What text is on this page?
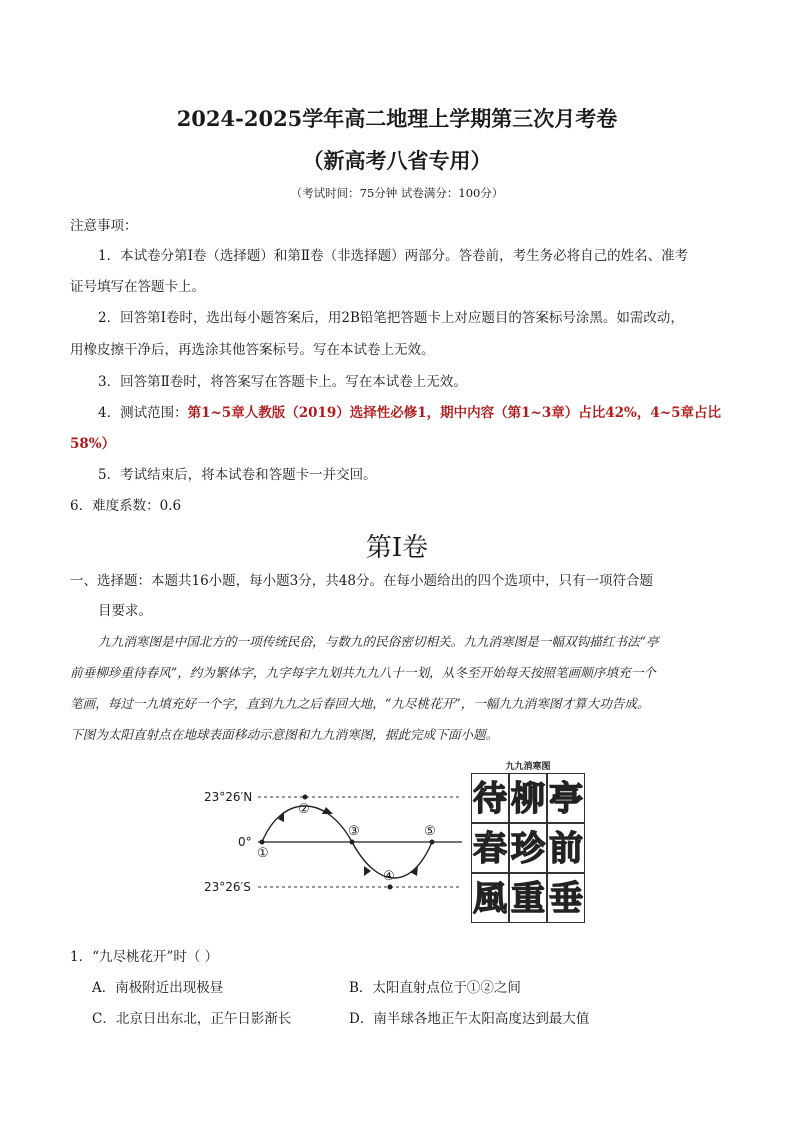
2024-2025学年高二地理上学期第三次月考卷
（新高考八省专用）
（考试时间：75分钟 试卷满分：100分）
注意事项：
1．本试卷分第Ⅰ卷（选择题）和第Ⅱ卷（非选择题）两部分。答卷前，考生务必将自己的姓名、准考
证号填写在答题卡上。
2．回答第Ⅰ卷时，选出每小题答案后，用2B铅笔把答题卡上对应题目的答案标号涂黑。如需改动，
用橡皮擦干净后，再选涂其他答案标号。写在本试卷上无效。
3．回答第Ⅱ卷时，将答案写在答题卡上。写在本试卷上无效。
4．测试范围：第1~5章人教版（2019）选择性必修1，期中内容（第1~3章）占比42%，4~5章占比
58%）
5．考试结束后，将本试卷和答题卡一并交回。
6．难度系数：0.6
第Ⅰ卷
一、选择题：本题共16小题，每小题3分，共48分。在每小题给出的四个选项中，只有一项符合题
目要求。
九九消寒图是中国北方的一项传统民俗，与数九的民俗密切相关。九九消寒图是一幅双钩描红书法“亭
前垂柳珍重待春风”，约为繁体字，九字每字九划共九九八十一划，从冬至开始每天按照笔画顺序填充一个
笔画，每过一九填充好一个字，直到九九之后春回大地，“九尽桃花开”，一幅九九消寒图才算大功告成。
下图为太阳直射点在地球表面移动示意图和九九消寒图，据此完成下面小题。
23°26′N
0°
23°26′S
①
②
③
④
⑤
九九消寒图
待 柳 亭
春 珍 前
風 重 垂
1．“九尽桃花开”时（ ）
A．南极附近出现极昼	B．太阳直射点位于①②之间
C．北京日出东北，正午日影渐长	D．南半球各地正午太阳高度达到最大值
